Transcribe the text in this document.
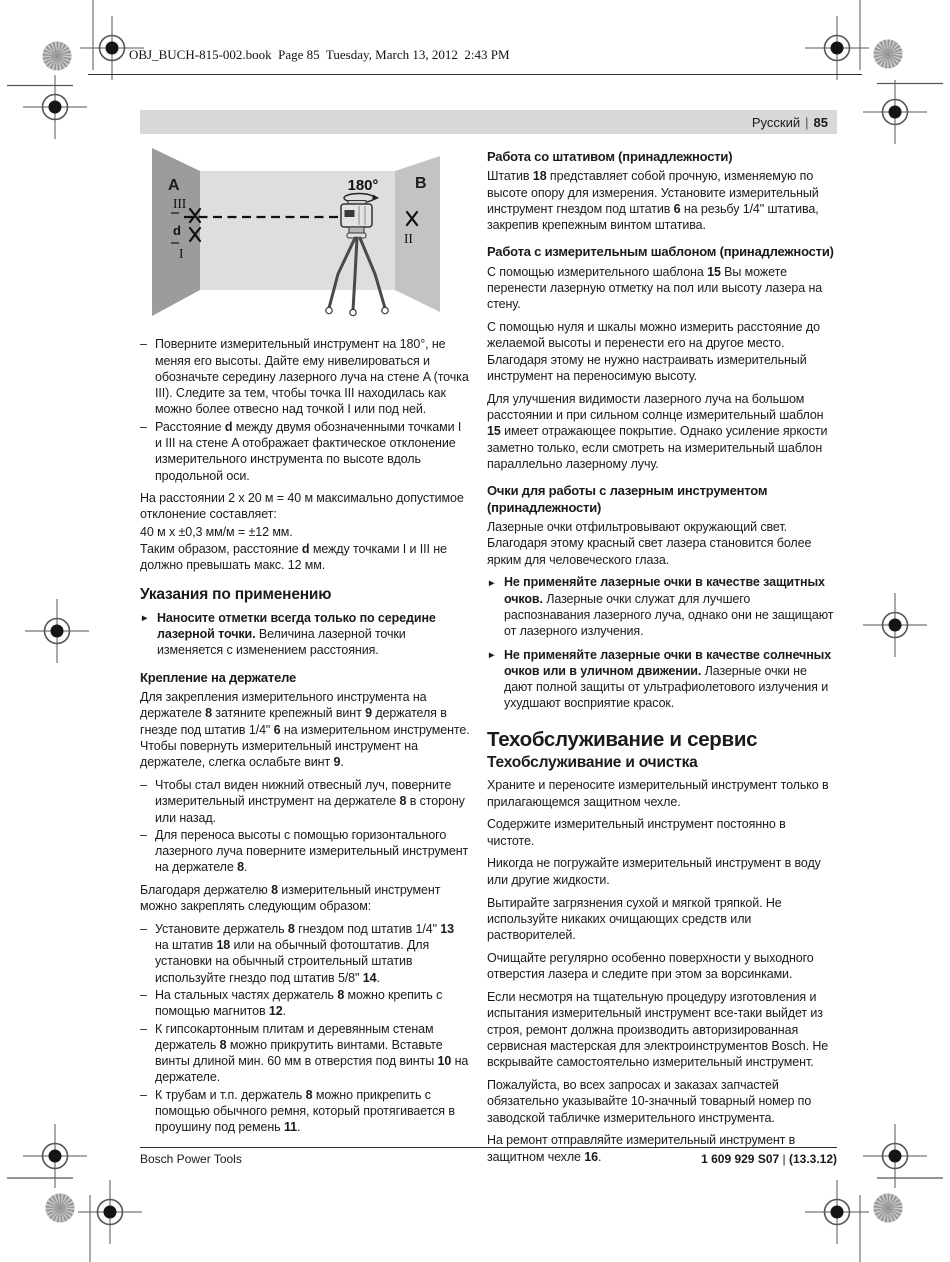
OBJ_BUCH-815-002.book  Page 85  Tuesday, March 13, 2012  2:43 PM
Русский | 85
A	B
180°
III
d
I
II
– Поверните измерительный инструмент на 180°, не меняя его высоты. Дайте ему нивелироваться и обозначьте середину лазерного луча на стене A (точка III). Следите за тем, чтобы точка III находилась как можно более отвесно над точкой I или под ней.
– Расстояние d между двумя обозначенными точками I и III на стене A отображает фактическое отклонение измерительного инструмента по высоте вдоль продольной оси.

На расстоянии 2 x 20 м = 40 м максимально допустимое отклонение составляет:

40 м x ±0,3 мм/м = ±12 мм.

Таким образом, расстояние d между точками I и III не должно превышать макс. 12 мм.

Указания по применению
► Наносите отметки всегда только по середине лазерной точки. Величина лазерной точки изменяется с изменением расстояния.
Крепление на держателе

Для закрепления измерительного инструмента на держателе 8 затяните крепежный винт 9 держателя в гнезде под штатив 1/4" 6 на измерительном инструменте. Чтобы повернуть измерительный инструмент на держателе, слегка ослабьте винт 9.

– Чтобы стал виден нижний отвесный луч, поверните измерительный инструмент на держателе 8 в сторону или назад.
– Для переноса высоты с помощью горизонтального лазерного луча поверните измерительный инструмент на держателе 8.

Благодаря держателю 8 измерительный инструмент можно закреплять следующим образом:

– Установите держатель 8 гнездом под штатив 1/4" 13 на штатив 18 или на обычный фотоштатив. Для установки на обычный строительный штатив используйте гнездо под штатив 5/8" 14.
– На стальных частях держатель 8 можно крепить с помощью магнитов 12.
– К гипсокартонным плитам и деревянным стенам держатель 8 можно прикрутить винтами. Вставьте винты длиной мин. 60 мм в отверстия под винты 10 на держателе.
– К трубам и т.п. держатель 8 можно прикрепить с помощью обычного ремня, который протягивается в проушину под ремень 11.
Работа со штативом (принадлежности)

Штатив 18 представляет собой прочную, изменяемую по высоте опору для измерения. Установите измерительный инструмент гнездом под штатив 6 на резьбу 1/4" штатива, закрепив крепежным винтом штатива.

Работа с измерительным шаблоном (принадлежности)

С помощью измерительного шаблона 15 Вы можете перенести лазерную отметку на пол или высоту лазера на стену.

С помощью нуля и шкалы можно измерить расстояние до желаемой высоты и перенести его на другое место. Благодаря этому не нужно настраивать измерительный инструмент на переносимую высоту.

Для улучшения видимости лазерного луча на большом расстоянии и при сильном солнце измерительный шаблон 15 имеет отражающее покрытие. Однако усиление яркости заметно только, если смотреть на измерительный шаблон параллельно лазерному лучу.

Очки для работы с лазерным инструментом (принадлежности)

Лазерные очки отфильтровывают окружающий свет. Благодаря этому красный свет лазера становится более ярким для человеческого глаза.

► Не применяйте лазерные очки в качестве защитных очков. Лазерные очки служат для лучшего распознавания лазерного луча, однако они не защищают от лазерного излучения.
► Не применяйте лазерные очки в качестве солнечных очков или в уличном движении. Лазерные очки не дают полной защиты от ультрафиолетового излучения и ухудшают восприятие красок.
Техобслуживание и сервис
Техобслуживание и очистка

Храните и переносите измерительный инструмент только в прилагающемся защитном чехле.

Содержите измерительный инструмент постоянно в чистоте.

Никогда не погружайте измерительный инструмент в воду или другие жидкости.

Вытирайте загрязнения сухой и мягкой тряпкой. Не используйте никаких очищающих средств или растворителей.

Очищайте регулярно особенно поверхности у выходного отверстия лазера и следите при этом за ворсинками.

Если несмотря на тщательную процедуру изготовления и испытания измерительный инструмент все-таки выйдет из строя, ремонт должна производить авторизированная сервисная мастерская для электроинструментов Bosch. Не вскрывайте самостоятельно измерительный инструмент.

Пожалуйста, во всех запросах и заказах запчастей обязательно указывайте 10-значный товарный номер по заводской табличке измерительного инструмента.

На ремонт отправляйте измерительный инструмент в защитном чехле 16.

Bosch Power Tools	1 609 929 S07 | (13.3.12)
